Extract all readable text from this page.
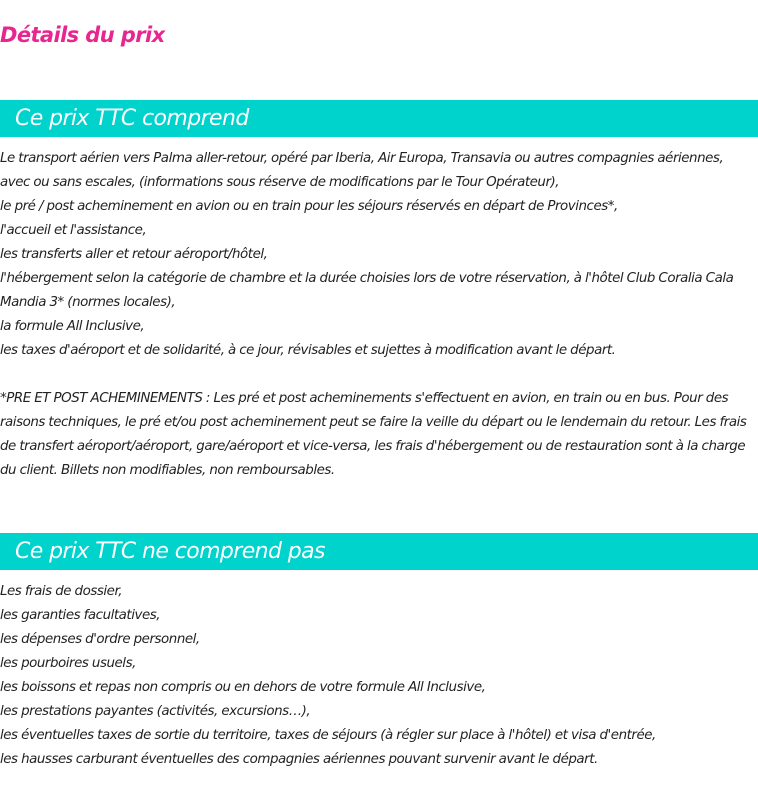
Détails du prix
Ce prix TTC comprend
Le transport aérien vers Palma aller-retour, opéré par Iberia, Air Europa, Transavia ou autres compagnies aériennes,
avec ou sans escales, (informations sous réserve de modifications par le Tour Opérateur),
le pré / post acheminement en avion ou en train pour les séjours réservés en départ de Provinces*,
l'accueil et l'assistance,
les transferts aller et retour aéroport/hôtel,
l'hébergement selon la catégorie de chambre et la durée choisies lors de votre réservation, à l'hôtel Club Coralia Cala
Mandia 3* (normes locales),
la formule All Inclusive,
les taxes d'aéroport et de solidarité, à ce jour, révisables et sujettes à modification avant le départ.
*PRE ET POST ACHEMINEMENTS : Les pré et post acheminements s'effectuent en avion, en train ou en bus. Pour des
raisons techniques, le pré et/ou post acheminement peut se faire la veille du départ ou le lendemain du retour. Les frais
de transfert aéroport/aéroport, gare/aéroport et vice-versa, les frais d'hébergement ou de restauration sont à la charge
du client. Billets non modifiables, non remboursables.
Ce prix TTC ne comprend pas
Les frais de dossier,
les garanties facultatives,
les dépenses d'ordre personnel,
les pourboires usuels,
les boissons et repas non compris ou en dehors de votre formule All Inclusive,
les prestations payantes (activités, excursions…),
les éventuelles taxes de sortie du territoire, taxes de séjours (à régler sur place à l'hôtel) et visa d'entrée,
les hausses carburant éventuelles des compagnies aériennes pouvant survenir avant le départ.
